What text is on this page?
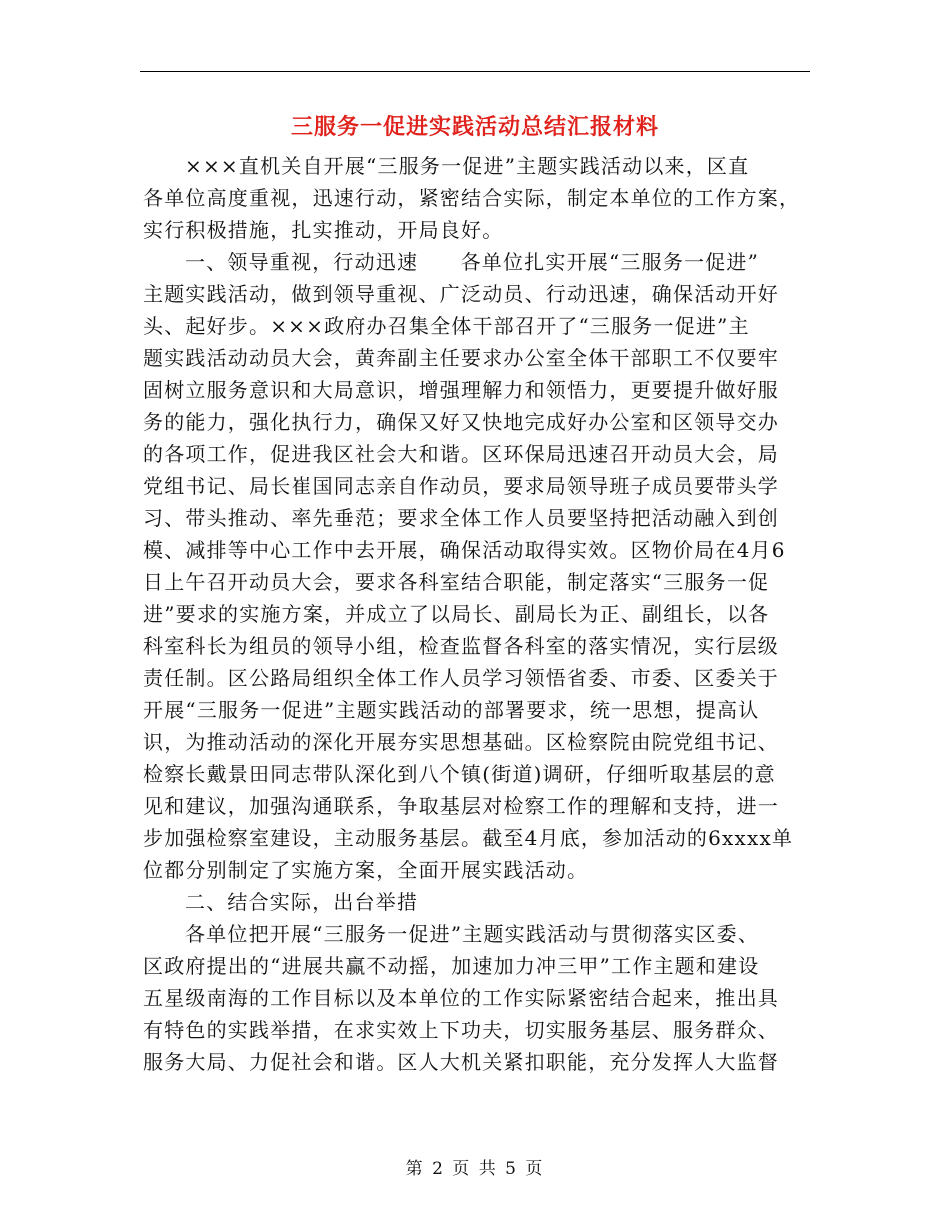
三服务一促进实践活动总结汇报材料
×××直机关自开展“三服务一促进”主题实践活动以来，区直
各单位高度重视，迅速行动，紧密结合实际，制定本单位的工作方案，
实行积极措施，扎实推动，开局良好。
一、领导重视，行动迅速　　各单位扎实开展“三服务一促进”
主题实践活动，做到领导重视、广泛动员、行动迅速，确保活动开好
头、起好步。×××政府办召集全体干部召开了“三服务一促进”主
题实践活动动员大会，黄奔副主任要求办公室全体干部职工不仅要牢
固树立服务意识和大局意识，增强理解力和领悟力，更要提升做好服
务的能力，强化执行力，确保又好又快地完成好办公室和区领导交办
的各项工作，促进我区社会大和谐。区环保局迅速召开动员大会，局
党组书记、局长崔国同志亲自作动员，要求局领导班子成员要带头学
习、带头推动、率先垂范；要求全体工作人员要坚持把活动融入到创
模、减排等中心工作中去开展，确保活动取得实效。区物价局在4月6
日上午召开动员大会，要求各科室结合职能，制定落实“三服务一促
进”要求的实施方案，并成立了以局长、副局长为正、副组长，以各
科室科长为组员的领导小组，检查监督各科室的落实情况，实行层级
责任制。区公路局组织全体工作人员学习领悟省委、市委、区委关于
开展“三服务一促进”主题实践活动的部署要求，统一思想，提高认
识，为推动活动的深化开展夯实思想基础。区检察院由院党组书记、
检察长戴景田同志带队深化到八个镇(街道)调研，仔细听取基层的意
见和建议，加强沟通联系，争取基层对检察工作的理解和支持，进一
步加强检察室建设，主动服务基层。截至4月底，参加活动的6xxxx单
位都分别制定了实施方案，全面开展实践活动。
二、结合实际，出台举措
各单位把开展“三服务一促进”主题实践活动与贯彻落实区委、
区政府提出的“进展共赢不动摇，加速加力冲三甲”工作主题和建设
五星级南海的工作目标以及本单位的工作实际紧密结合起来，推出具
有特色的实践举措，在求实效上下功夫，切实服务基层、服务群众、
服务大局、力促社会和谐。区人大机关紧扣职能，充分发挥人大监督
第 2 页 共 5 页
